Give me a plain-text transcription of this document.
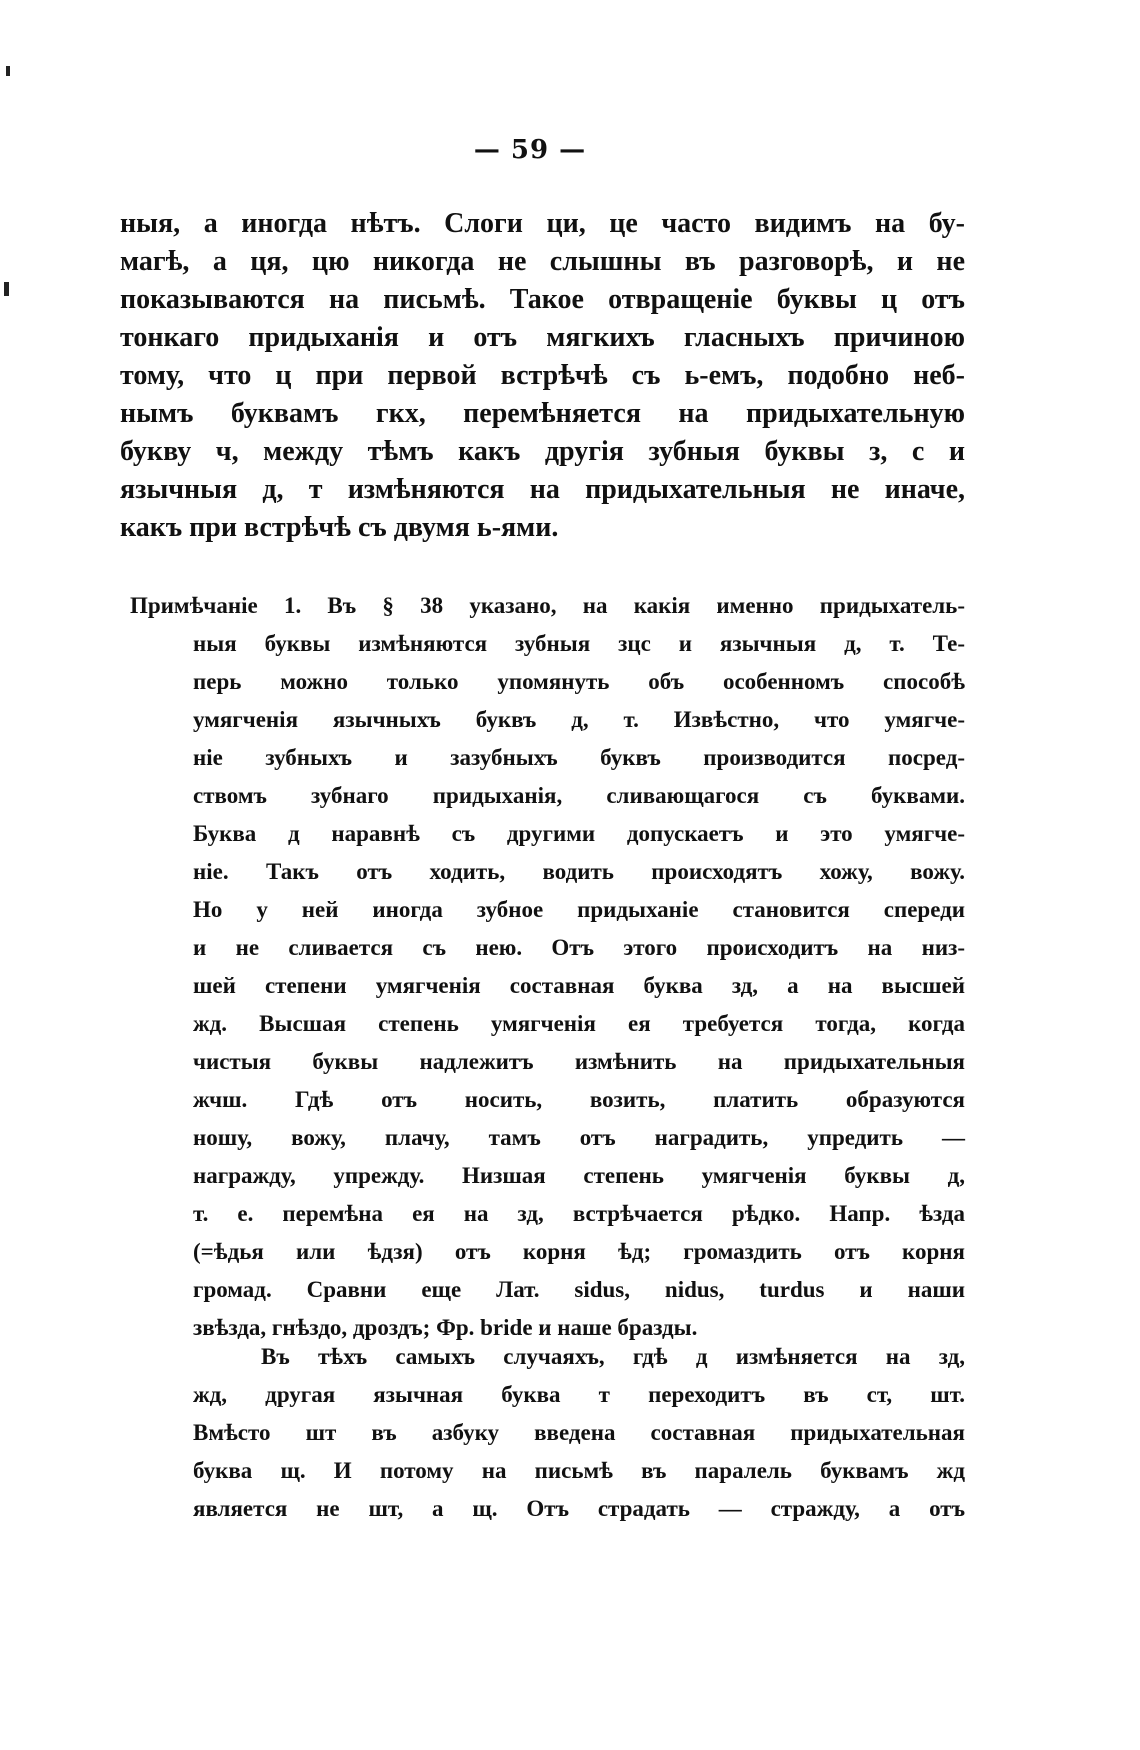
— 59 —
ныя, а иногда нѣтъ. Слоги ци, це часто видимъ на бу-
магѣ, а ця, цю никогда не слышны въ разговорѣ, и не
показываются на письмѣ. Такое отвращеніе буквы ц отъ
тонкаго придыханія и отъ мягкихъ гласныхъ причиною
тому, что ц при первой встрѣчѣ съ ь-емъ, подобно неб-
нымъ буквамъ гкх, перемѣняется на придыхательную
букву ч, между тѣмъ какъ другія зубныя буквы з, с и
язычныя д, т измѣняются на придыхательныя не иначе,
какъ при встрѣчѣ съ двумя ь-ями.
Примѣчаніе 1. Въ § 38 указано, на какія именно придыхатель-
ныя буквы измѣняются зубныя зцс и язычныя д, т. Те-
перь можно только упомянуть объ особенномъ способѣ
умягченія язычныхъ буквъ д, т. Извѣстно, что умягче-
ніе зубныхъ и зазубныхъ буквъ производится посред-
ствомъ зубнаго придыханія, сливающагося съ буквами.
Буква д наравнѣ съ другими допускаетъ и это умягче-
ніе. Такъ отъ ходить, водить происходятъ хожу, вожу.
Но у ней иногда зубное придыханіе становится спереди
и не сливается съ нею. Отъ этого происходитъ на низ-
шей степени умягченія составная буква зд, а на высшей
жд. Высшая степень умягченія ея требуется тогда, когда
чистыя буквы надлежитъ измѣнить на придыхательныя
жчш. Гдѣ отъ носить, возить, платить образуются
ношу, вожу, плачу, тамъ отъ наградить, упредить —
награжду, упрежду. Низшая степень умягченія буквы д,
т. е. перемѣна ея на зд, встрѣчается рѣдко. Напр. ѣзда
(=ѣдья или ѣдзя) отъ корня ѣд; громаздить отъ корня
громад. Сравни еще Лат. sidus, nidus, turdus и наши
звѣзда, гнѣздо, дроздъ; Фр. bride и наше бразды.
Въ тѣхъ самыхъ случаяхъ, гдѣ д измѣняется на зд,
жд, другая язычная буква т переходитъ въ ст, шт.
Вмѣсто шт въ азбуку введена составная придыхательная
буква щ. И потому на письмѣ въ паралель буквамъ жд
является не шт, а щ. Отъ страдать — стражду, а отъ
